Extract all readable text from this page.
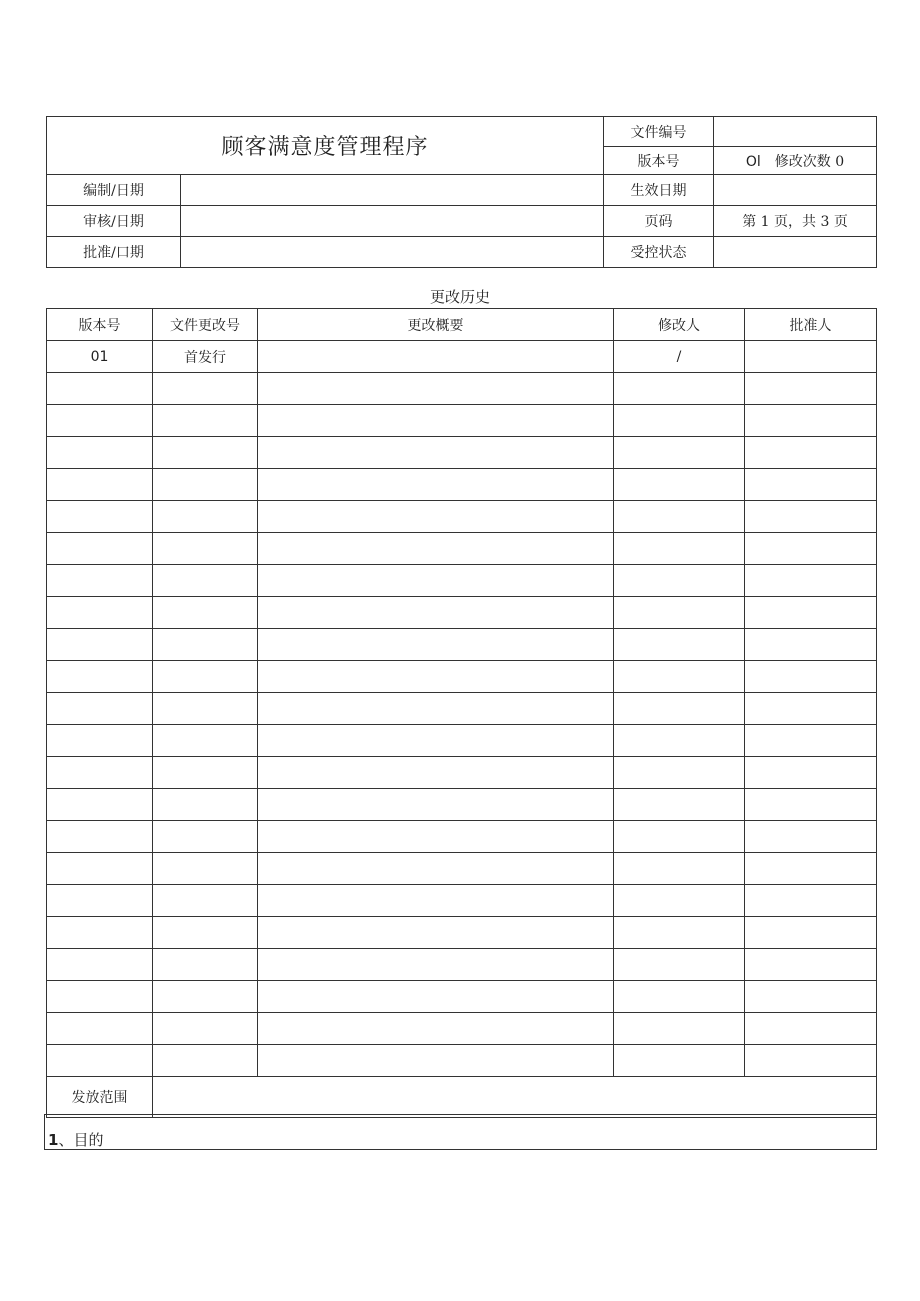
顾客满意度管理程序		文件编号	
		版本号	Ol 修改次数 0
编制/日期		生效日期	
审核/日期		页码	第 1 页，共 3 页
批准/口期		受控状态	
更改历史
版本号	文件更改号	更改概要	修改人	批准人
01	首发行		/	

发放范围				
1、目的
